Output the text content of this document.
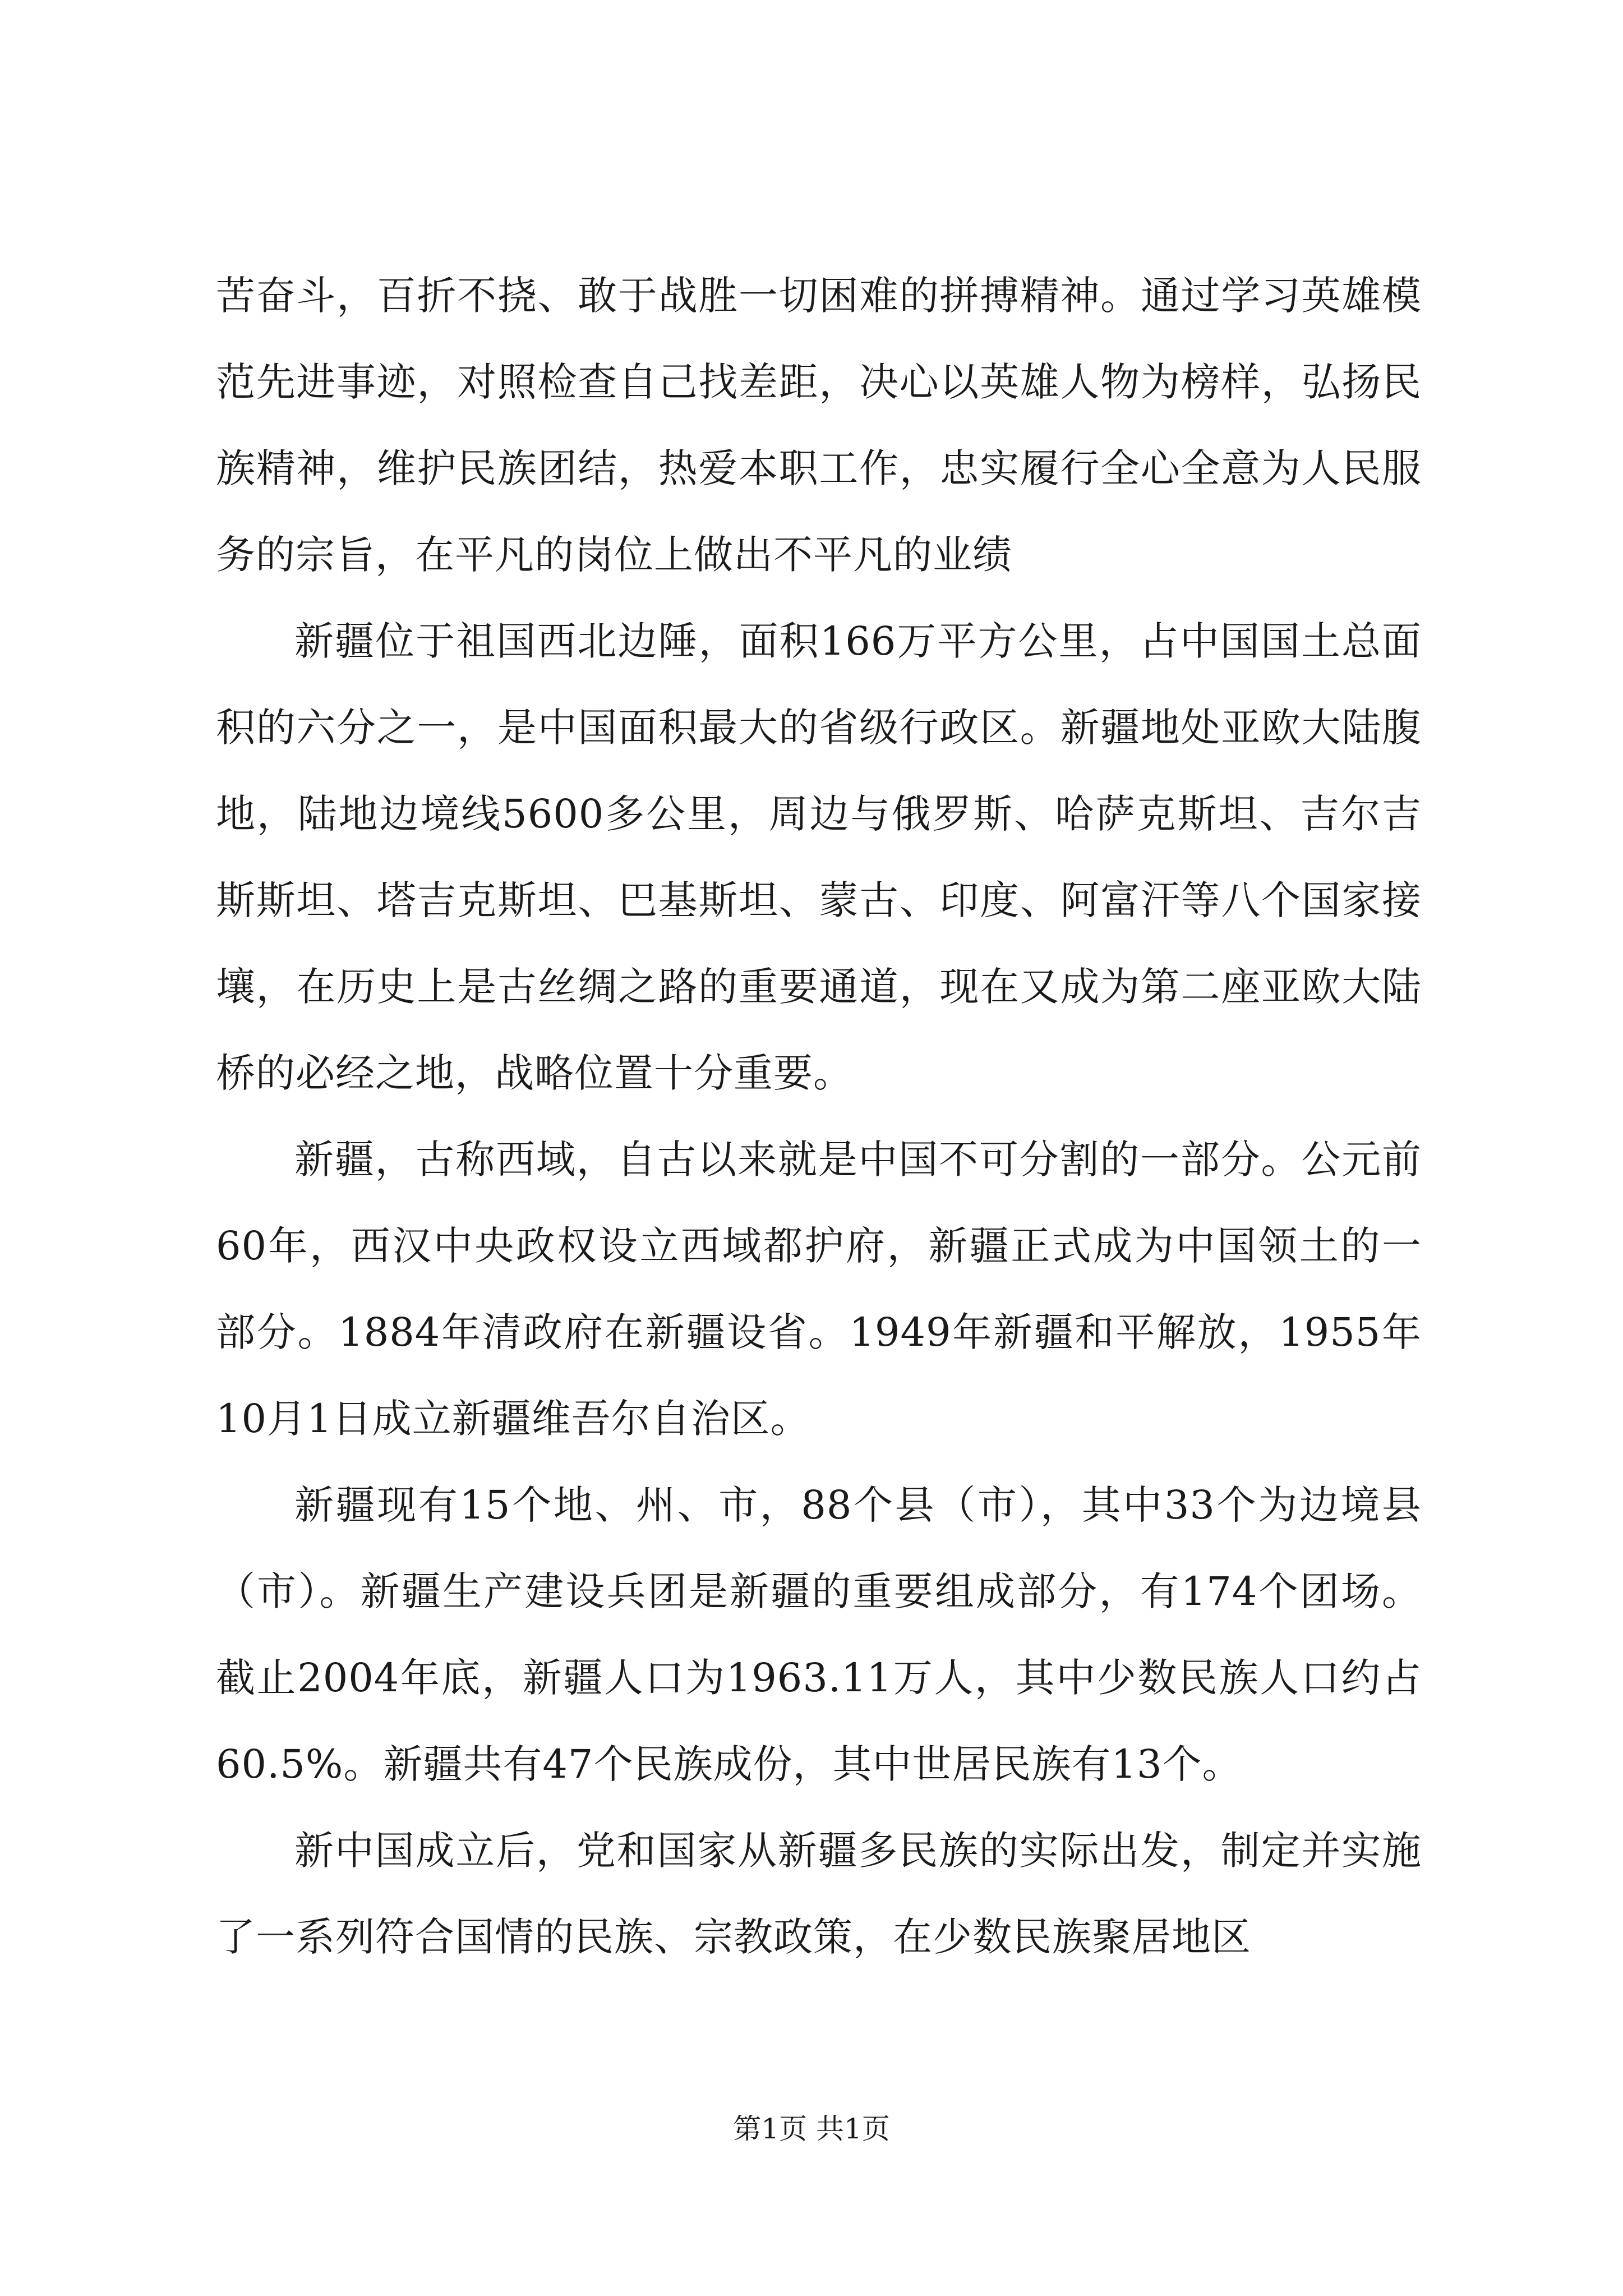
苦奋斗，百折不挠、敢于战胜一切困难的拼搏精神。通过学习英雄模范先进事迹，对照检查自己找差距，决心以英雄人物为榜样，弘扬民族精神，维护民族团结，热爱本职工作，忠实履行全心全意为人民服务的宗旨，在平凡的岗位上做出不平凡的业绩

新疆位于祖国西北边陲，面积166万平方公里，占中国国土总面积的六分之一，是中国面积最大的省级行政区。新疆地处亚欧大陆腹地，陆地边境线5600多公里，周边与俄罗斯、哈萨克斯坦、吉尔吉斯斯坦、塔吉克斯坦、巴基斯坦、蒙古、印度、阿富汗等八个国家接壤，在历史上是古丝绸之路的重要通道，现在又成为第二座亚欧大陆桥的必经之地，战略位置十分重要。

新疆，古称西域，自古以来就是中国不可分割的一部分。公元前60年，西汉中央政权设立西域都护府，新疆正式成为中国领土的一部分。1884年清政府在新疆设省。1949年新疆和平解放，1955年10月1日成立新疆维吾尔自治区。

新疆现有15个地、州、市，88个县（市），其中33个为边境县（市）。新疆生产建设兵团是新疆的重要组成部分，有174个团场。截止2004年底，新疆人口为1963.11万人，其中少数民族人口约占60.5%。新疆共有47个民族成份，其中世居民族有13个。

新中国成立后，党和国家从新疆多民族的实际出发，制定并实施了一系列符合国情的民族、宗教政策，在少数民族聚居地区

第1页 共1页
